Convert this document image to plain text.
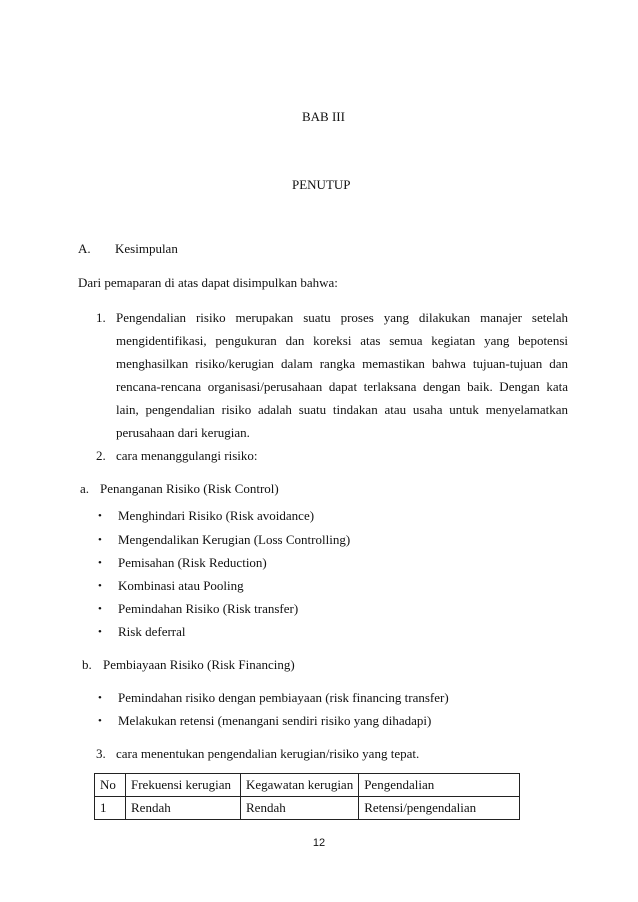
BAB III
PENUTUP
A. Kesimpulan
Dari pemaparan di atas dapat disimpulkan bahwa:
1. Pengendalian risiko merupakan suatu proses yang dilakukan manajer setelah
mengidentifikasi, pengukuran dan koreksi atas semua kegiatan yang bepotensi
menghasilkan risiko/kerugian dalam rangka memastikan bahwa tujuan-tujuan dan
rencana-rencana organisasi/perusahaan dapat terlaksana dengan baik. Dengan kata
lain, pengendalian risiko adalah suatu tindakan atau usaha untuk menyelamatkan
perusahaan dari kerugian.
2. cara menanggulangi risiko:
a. Penanganan Risiko (Risk Control)
• Menghindari Risiko (Risk avoidance)
• Mengendalikan Kerugian (Loss Controlling)
• Pemisahan (Risk Reduction)
• Kombinasi atau Pooling
• Pemindahan Risiko (Risk transfer)
• Risk deferral
b. Pembiayaan Risiko (Risk Financing)
• Pemindahan risiko dengan pembiayaan (risk financing transfer)
• Melakukan retensi (menangani sendiri risiko yang dihadapi)
3. cara menentukan pengendalian kerugian/risiko yang tepat.
No	Frekuensi kerugian	Kegawatan kerugian	Pengendalian
1	Rendah	Rendah	Retensi/pengendalian
12
